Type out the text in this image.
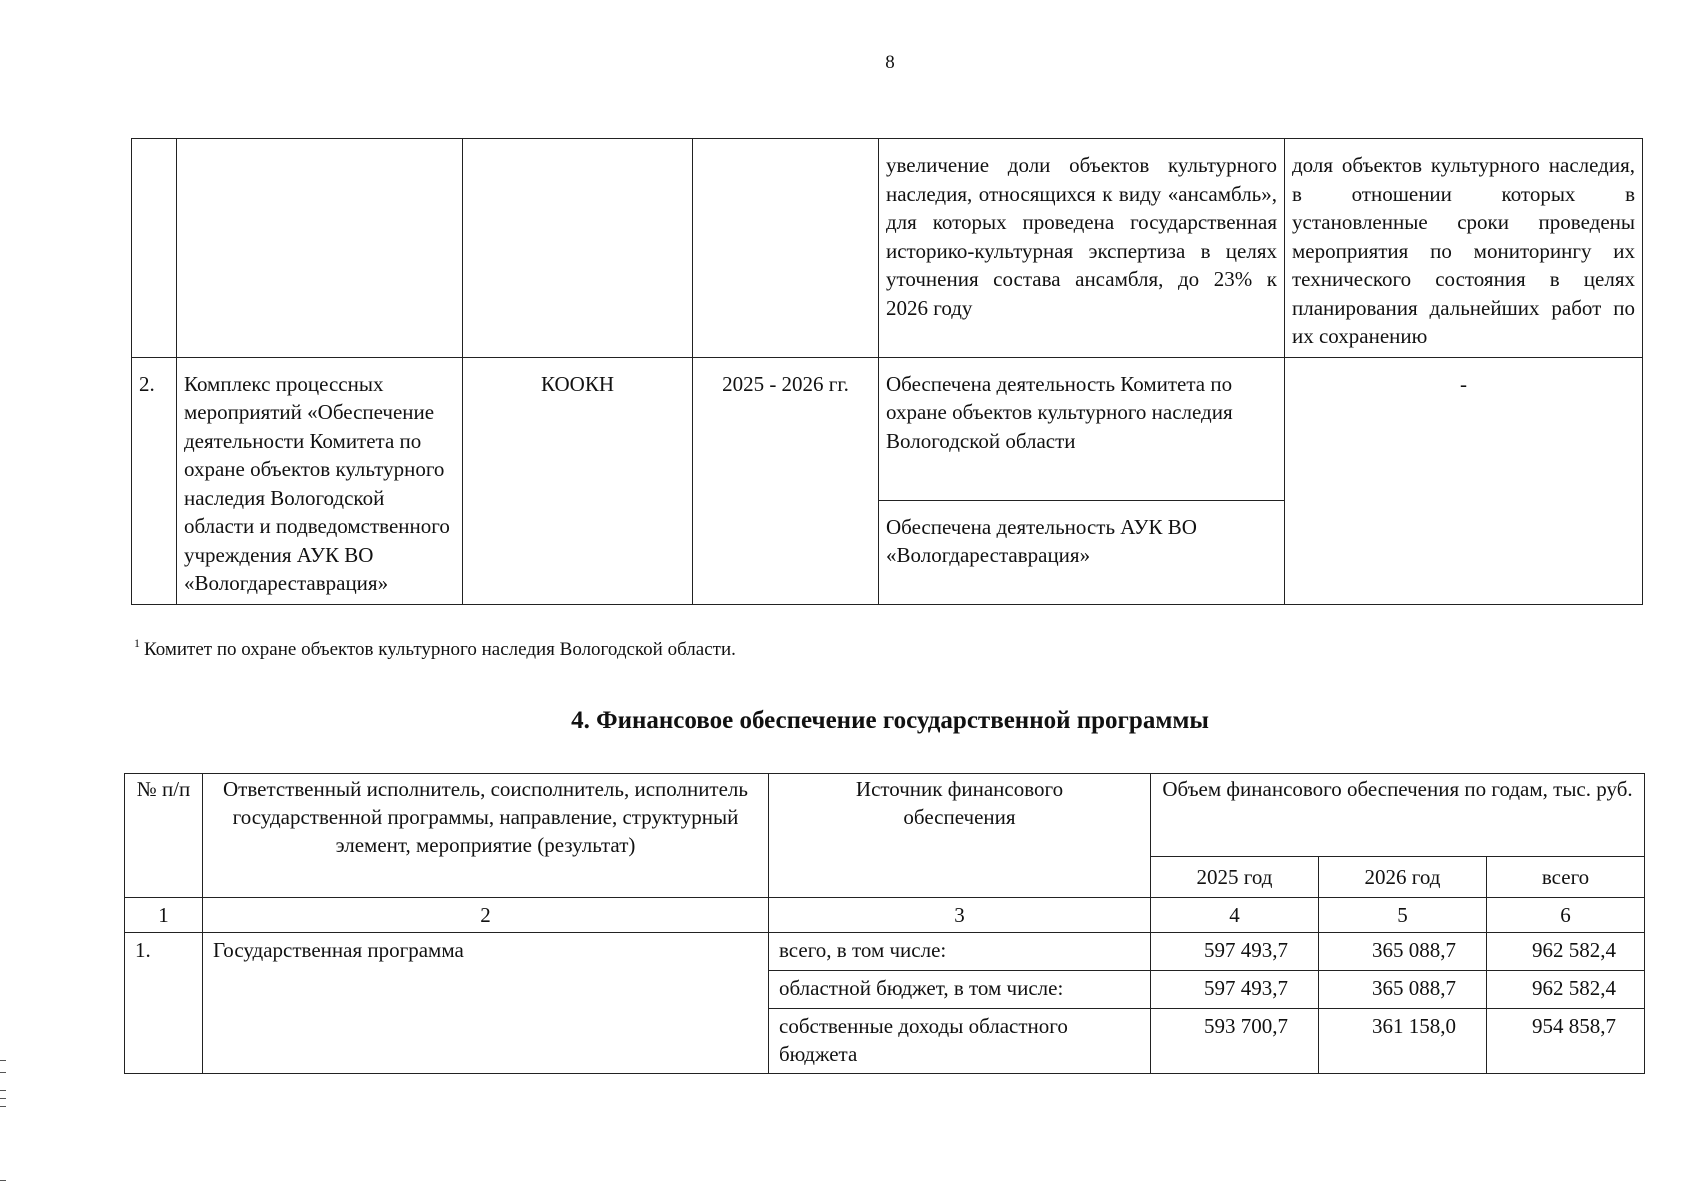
8
				увеличение доли объектов культурного наследия, относящихся к виду «ансамбль», для которых проведена государственная историко-культурная экспертиза в целях уточнения состава ансамбля, до 23% к 2026 году	доля объектов культурного наследия, в отношении которых в установленные сроки проведены мероприятия по мониторингу их технического состояния в целях планирования дальнейших работ по их сохранению
2.	Комплекс процессных мероприятий «Обеспечение деятельности Комитета по охране объектов культурного наследия Вологодской области и подведомственного учреждения АУК ВО «Вологдареставрация»	КООКН	2025 - 2026 гг.	Обеспечена деятельность Комитета по охране объектов культурного наследия Вологодской области	-
				Обеспечена деятельность АУК ВО «Вологдареставрация»	
$^1$ Комитет по охране объектов культурного наследия Вологодской области.
4. Финансовое обеспечение государственной программы
№ п/п	Ответственный исполнитель, соисполнитель, исполнитель государственной программы, направление, структурный элемент, мероприятие (результат)	Источник финансового обеспечения	Объем финансового обеспечения по годам, тыс. руб.		
			2025 год	2026 год	всего
1	2	3	4	5	6
1.	Государственная программа	всего, в том числе:	597 493,7	365 088,7	962 582,4
		областной бюджет, в том числе:	597 493,7	365 088,7	962 582,4
		собственные доходы областного бюджета	593 700,7	361 158,0	954 858,7
